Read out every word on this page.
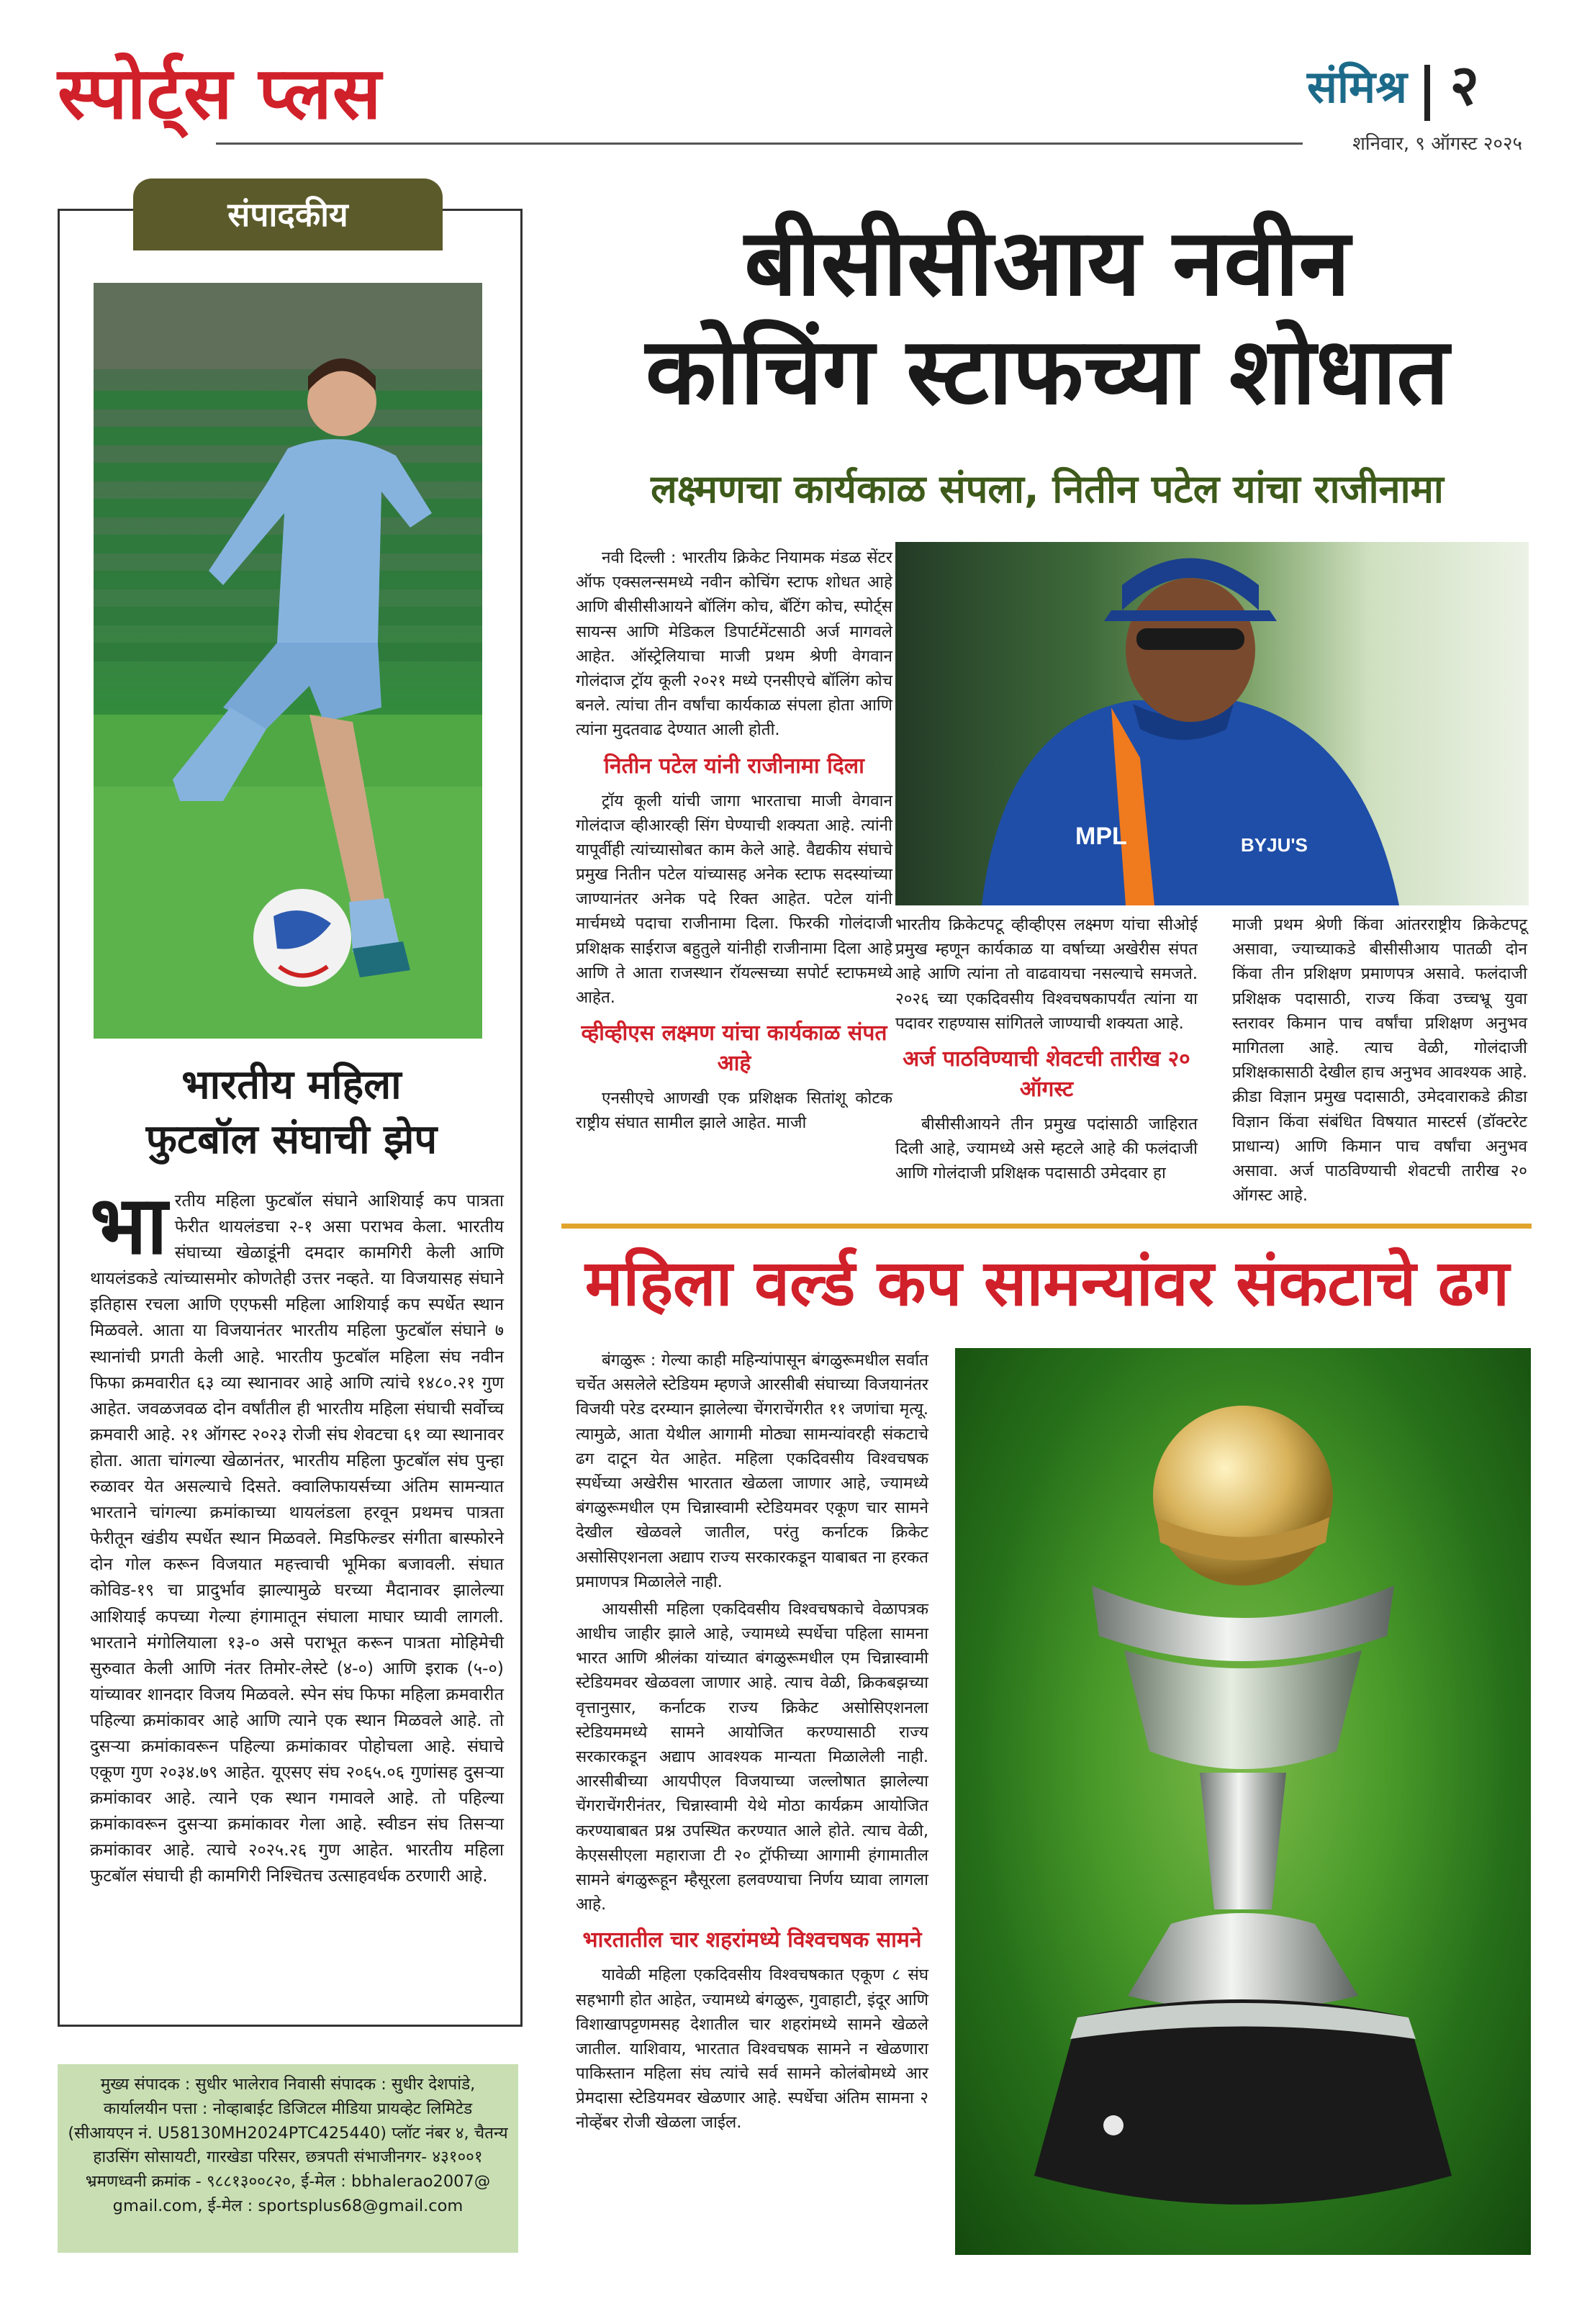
स्पोर्ट्स प्लस	संमिश्र २
शनिवार, ९ ऑगस्ट २०२५
संपादकीय
भारतीय महिला
फुटबॉल संघाची झेप
भारतीय महिला फुटबॉल संघाने आशियाई कप पात्रता फेरीत थायलंडचा २-१ असा पराभव केला. भारतीय संघाच्या खेळाडूंनी दमदार कामगिरी केली आणि थायलंडकडे त्यांच्यासमोर कोणतेही उत्तर नव्हते. या विजयासह संघाने इतिहास रचला आणि एएफसी महिला आशियाई कप स्पर्धेत स्थान मिळवले. आता या विजयानंतर भारतीय महिला फुटबॉल संघाने ७ स्थानांची प्रगती केली आहे. भारतीय फुटबॉल महिला संघ नवीन फिफा क्रमवारीत ६३ व्या स्थानावर आहे आणि त्यांचे १४८०.२१ गुण आहेत. जवळजवळ दोन वर्षांतील ही भारतीय महिला संघाची सर्वोच्च क्रमवारी आहे. २१ ऑगस्ट २०२३ रोजी संघ शेवटचा ६१ व्या स्थानावर होता. आता चांगल्या खेळानंतर, भारतीय महिला फुटबॉल संघ पुन्हा रुळावर येत असल्याचे दिसते. क्वालिफायर्सच्या अंतिम सामन्यात भारताने चांगल्या क्रमांकाच्या थायलंडला हरवून प्रथमच पात्रता फेरीतून खंडीय स्पर्धेत स्थान मिळवले. मिडफिल्डर संगीता बास्फोरने दोन गोल करून विजयात महत्त्वाची भूमिका बजावली. संघात कोविड-१९ चा प्रादुर्भाव झाल्यामुळे घरच्या मैदानावर झालेल्या आशियाई कपच्या गेल्या हंगामातून संघाला माघार घ्यावी लागली. भारताने मंगोलियाला १३-० असे पराभूत करून पात्रता मोहिमेची सुरुवात केली आणि नंतर तिमोर-लेस्टे (४-०) आणि इराक (५-०) यांच्यावर शानदार विजय मिळवले. स्पेन संघ फिफा महिला क्रमवारीत पहिल्या क्रमांकावर आहे आणि त्याने एक स्थान मिळवले आहे. तो दुसऱ्या क्रमांकावरून पहिल्या क्रमांकावर पोहोचला आहे. संघाचे एकूण गुण २०३४.७९ आहेत. यूएसए संघ २०६५.०६ गुणांसह दुसऱ्या क्रमांकावर आहे. त्याने एक स्थान गमावले आहे. तो पहिल्या क्रमांकावरून दुसऱ्या क्रमांकावर गेला आहे. स्वीडन संघ तिसऱ्या क्रमांकावर आहे. त्याचे २०२५.२६ गुण आहेत. भारतीय महिला फुटबॉल संघाची ही कामगिरी निश्चितच उत्साहवर्धक ठरणारी आहे.
मुख्य संपादक : सुधीर भालेराव निवासी संपादक : सुधीर देशपांडे,
कार्यालयीन पत्ता : नोव्हाबाईट डिजिटल मीडिया प्रायव्हेट लिमिटेड
(सीआयएन नं. U58130MH2024PTC425440) प्लॉट नंबर ४, चैतन्य
हाउसिंग सोसायटी, गारखेडा परिसर, छत्रपती संभाजीनगर- ४३१००१
भ्रमणध्वनी क्रमांक - ९८८१३००८२०, ई-मेल : bbhalerao2007@
gmail.com, ई-मेल : sportsplus68@gmail.com
बीसीसीआय नवीन
कोचिंग स्टाफच्या शोधात
लक्ष्मणचा कार्यकाळ संपला, नितीन पटेल यांचा राजीनामा

नवी दिल्ली : भारतीय क्रिकेट नियामक मंडळ सेंटर ऑफ एक्सलन्समध्ये नवीन कोचिंग स्टाफ शोधत आहे आणि बीसीसीआयने बॉलिंग कोच, बॅटिंग कोच, स्पोर्ट्स सायन्स आणि मेडिकल डिपार्टमेंटसाठी अर्ज मागवले आहेत. ऑस्ट्रेलियाचा माजी प्रथम श्रेणी वेगवान गोलंदाज ट्रॉय कूली २०२१ मध्ये एनसीएचे बॉलिंग कोच बनले. त्यांचा तीन वर्षांचा कार्यकाळ संपला होता आणि त्यांना मुदतवाढ देण्यात आली होती.

नितीन पटेल यांनी राजीनामा दिला

ट्रॉय कूली यांची जागा भारताचा माजी वेगवान गोलंदाज व्हीआरव्ही सिंग घेण्याची शक्यता आहे. त्यांनी यापूर्वीही त्यांच्यासोबत काम केले आहे. वैद्यकीय संघाचे प्रमुख नितीन पटेल यांच्यासह अनेक स्टाफ सदस्यांच्या जाण्यानंतर अनेक पदे रिक्त आहेत. पटेल यांनी मार्चमध्ये पदाचा राजीनामा दिला. फिरकी गोलंदाजी प्रशिक्षक साईराज बहुतुले यांनीही राजीनामा दिला आहे आणि ते आता राजस्थान रॉयल्सच्या सपोर्ट स्टाफमध्ये आहेत.

व्हीव्हीएस लक्ष्मण यांचा कार्यकाळ संपत आहे

एनसीएचे आणखी एक प्रशिक्षक सितांशू कोटक राष्ट्रीय संघात सामील झाले आहेत. माजी

MPL	BYJU'S

भारतीय क्रिकेटपटू व्हीव्हीएस लक्ष्मण यांचा सीओई प्रमुख म्हणून कार्यकाळ या वर्षाच्या अखेरीस संपत आहे आणि त्यांना तो वाढवायचा नसल्याचे समजते. २०२६ च्या एकदिवसीय विश्वचषकापर्यंत त्यांना या पदावर राहण्यास सांगितले जाण्याची शक्यता आहे.

अर्ज पाठविण्याची शेवटची तारीख २० ऑगस्ट

बीसीसीआयने तीन प्रमुख पदांसाठी जाहिरात दिली आहे, ज्यामध्ये असे म्हटले आहे की फलंदाजी आणि गोलंदाजी प्रशिक्षक पदासाठी उमेदवार हा

माजी प्रथम श्रेणी किंवा आंतरराष्ट्रीय क्रिकेटपटू असावा, ज्याच्याकडे बीसीसीआय पातळी दोन किंवा तीन प्रशिक्षण प्रमाणपत्र असावे. फलंदाजी प्रशिक्षक पदासाठी, राज्य किंवा उच्चभ्रू युवा स्तरावर किमान पाच वर्षांचा प्रशिक्षण अनुभव मागितला आहे. त्याच वेळी, गोलंदाजी प्रशिक्षकासाठी देखील हाच अनुभव आवश्यक आहे. क्रीडा विज्ञान प्रमुख पदासाठी, उमेदवाराकडे क्रीडा विज्ञान किंवा संबंधित विषयात मास्टर्स (डॉक्टरेट प्राधान्य) आणि किमान पाच वर्षांचा अनुभव असावा. अर्ज पाठविण्याची शेवटची तारीख २० ऑगस्ट आहे.

महिला वर्ल्ड कप सामन्यांवर संकटाचे ढग

बंगळुरू : गेल्या काही महिन्यांपासून बंगळुरूमधील सर्वात चर्चेत असलेले स्टेडियम म्हणजे आरसीबी संघाच्या विजयानंतर विजयी परेड दरम्यान झालेल्या चेंगराचेंगरीत ११ जणांचा मृत्यू. त्यामुळे, आता येथील आगामी मोठ्या सामन्यांवरही संकटाचे ढग दाटून येत आहेत. महिला एकदिवसीय विश्वचषक स्पर्धेच्या अखेरीस भारतात खेळला जाणार आहे, ज्यामध्ये बंगळुरूमधील एम चिन्नास्वामी स्टेडियमवर एकूण चार सामने देखील खेळवले जातील, परंतु कर्नाटक क्रिकेट असोसिएशनला अद्याप राज्य सरकारकडून याबाबत ना हरकत प्रमाणपत्र मिळालेले नाही.

आयसीसी महिला एकदिवसीय विश्वचषकाचे वेळापत्रक आधीच जाहीर झाले आहे, ज्यामध्ये स्पर्धेचा पहिला सामना भारत आणि श्रीलंका यांच्यात बंगळुरूमधील एम चिन्नास्वामी स्टेडियमवर खेळवला जाणार आहे. त्याच वेळी, क्रिकबझच्या वृत्तानुसार, कर्नाटक राज्य क्रिकेट असोसिएशनला स्टेडियममध्ये सामने आयोजित करण्यासाठी राज्य सरकारकडून अद्याप आवश्यक मान्यता मिळालेली नाही. आरसीबीच्या आयपीएल विजयाच्या जल्लोषात झालेल्या चेंगराचेंगरीनंतर, चिन्नास्वामी येथे मोठा कार्यक्रम आयोजित करण्याबाबत प्रश्न उपस्थित करण्यात आले होते. त्याच वेळी, केएससीएला महाराजा टी २० ट्रॉफीच्या आगामी हंगामातील सामने बंगळुरूहून म्हैसूरला हलवण्याचा निर्णय घ्यावा लागला आहे.

भारतातील चार शहरांमध्ये विश्वचषक सामने

यावेळी महिला एकदिवसीय विश्वचषकात एकूण ८ संघ सहभागी होत आहेत, ज्यामध्ये बंगळुरू, गुवाहाटी, इंदूर आणि विशाखापट्टणमसह देशातील चार शहरांमध्ये सामने खेळले जातील. याशिवाय, भारतात विश्वचषक सामने न खेळणारा पाकिस्तान महिला संघ त्यांचे सर्व सामने कोलंबोमध्ये आर प्रेमदासा स्टेडियमवर खेळणार आहे. स्पर्धेचा अंतिम सामना २ नोव्हेंबर रोजी खेळला जाईल.
